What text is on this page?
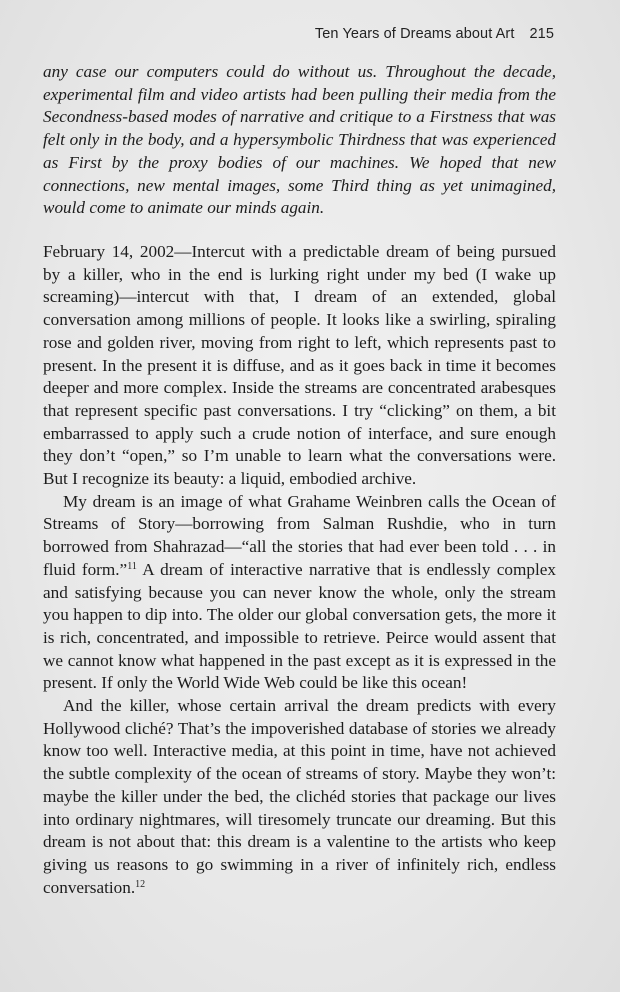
Ten Years of Dreams about Art 215

any case our computers could do without us. Throughout the decade, experimental film and video artists had been pulling their media from the Secondness-based modes of narrative and critique to a Firstness that was felt only in the body, and a hypersymbolic Thirdness that was experienced as First by the proxy bodies of our machines. We hoped that new connections, new mental images, some Third thing as yet unimagined, would come to animate our minds again.

February 14, 2002—Intercut with a predictable dream of being pursued by a killer, who in the end is lurking right under my bed (I wake up screaming)—intercut with that, I dream of an extended, global conversation among millions of people. It looks like a swirling, spiraling rose and golden river, moving from right to left, which represents past to present. In the present it is diffuse, and as it goes back in time it becomes deeper and more complex. Inside the streams are concentrated arabesques that represent specific past conversations. I try “clicking” on them, a bit embarrassed to apply such a crude notion of interface, and sure enough they don’t “open,” so I’m unable to learn what the conversations were. But I recognize its beauty: a liquid, embodied archive.

My dream is an image of what Grahame Weinbren calls the Ocean of Streams of Story—borrowing from Salman Rushdie, who in turn borrowed from Shahrazad—“all the stories that had ever been told . . . in fluid form.”$^{11}$ A dream of interactive narrative that is endlessly complex and satisfying because you can never know the whole, only the stream you happen to dip into. The older our global conversation gets, the more it is rich, concentrated, and impossible to retrieve. Peirce would assent that we cannot know what happened in the past except as it is expressed in the present. If only the World Wide Web could be like this ocean!

And the killer, whose certain arrival the dream predicts with every Hollywood cliché? That’s the impoverished database of stories we already know too well. Interactive media, at this point in time, have not achieved the subtle complexity of the ocean of streams of story. Maybe they won’t: maybe the killer under the bed, the clichéd stories that package our lives into ordinary nightmares, will tiresomely truncate our dreaming. But this dream is not about that: this dream is a valentine to the artists who keep giving us reasons to go swimming in a river of infinitely rich, endless conversation.$^{12}$
